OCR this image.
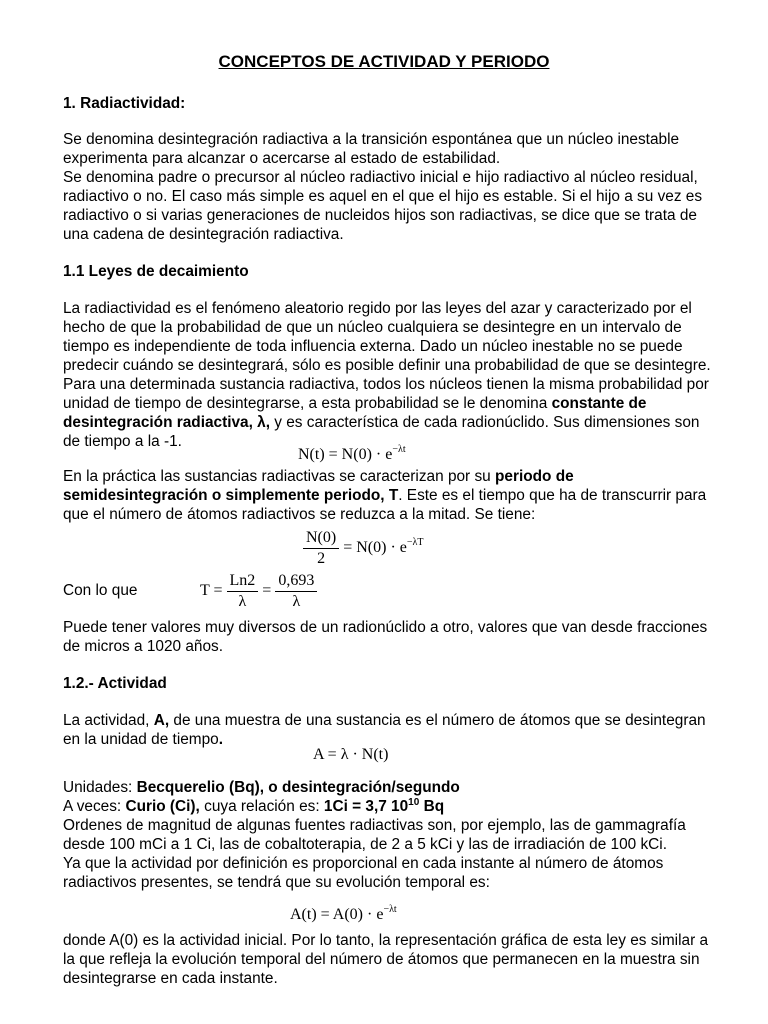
CONCEPTOS DE ACTIVIDAD Y PERIODO
1. Radiactividad:
Se denomina desintegración radiactiva a la transición espontánea que un núcleo inestable
experimenta para alcanzar o acercarse al estado de estabilidad.
Se denomina padre o precursor al núcleo radiactivo inicial e hijo radiactivo al núcleo residual,
radiactivo o no. El caso más simple es aquel en el que el hijo es estable. Si el hijo a su vez es
radiactivo o si varias generaciones de nucleidos hijos son radiactivas, se dice que se trata de
una cadena de desintegración radiactiva.
1.1 Leyes de decaimiento
La radiactividad es el fenómeno aleatorio regido por las leyes del azar y caracterizado por el
hecho de que la probabilidad de que un núcleo cualquiera se desintegre en un intervalo de
tiempo es independiente de toda influencia externa. Dado un núcleo inestable no se puede
predecir cuándo se desintegrará, sólo es posible definir una probabilidad de que se desintegre.
Para una determinada sustancia radiactiva, todos los núcleos tienen la misma probabilidad por
unidad de tiempo de desintegrarse, a esta probabilidad se le denomina constante de
desintegración radiactiva, λ, y es característica de cada radionúclido. Sus dimensiones son
de tiempo a la -1.
$N(t) = N(0) \cdot e^{-\lambda t}$
En la práctica las sustancias radiactivas se caracterizan por su periodo de
semidesintegración o simplemente periodo, T. Este es el tiempo que ha de transcurrir para
que el número de átomos radiactivos se reduzca a la mitad. Se tiene:
$\frac{N(0)}{2} = N(0) \cdot e^{-\lambda T}$
Con lo que	$T = \frac{Ln2}{\lambda} = \frac{0,693}{\lambda}$
Puede tener valores muy diversos de un radionúclido a otro, valores que van desde fracciones
de micros a 1020 años.
1.2.- Actividad
La actividad, A, de una muestra de una sustancia es el número de átomos que se desintegran
en la unidad de tiempo.
A = λ · N(t)
Unidades: Becquerelio (Bq), o desintegración/segundo
A veces: Curio (Ci), cuya relación es: 1Ci = 3,7 $10^{10}$ Bq
Ordenes de magnitud de algunas fuentes radiactivas son, por ejemplo, las de gammagrafía
desde 100 mCi a 1 Ci, las de cobaltoterapia, de 2 a 5 kCi y las de irradiación de 100 kCi.
Ya que la actividad por definición es proporcional en cada instante al número de átomos
radiactivos presentes, se tendrá que su evolución temporal es:
$A(t) = A(0) \cdot e^{-\lambda t}$
donde A(0) es la actividad inicial. Por lo tanto, la representación gráfica de esta ley es similar a
la que refleja la evolución temporal del número de átomos que permanecen en la muestra sin
desintegrarse en cada instante.
